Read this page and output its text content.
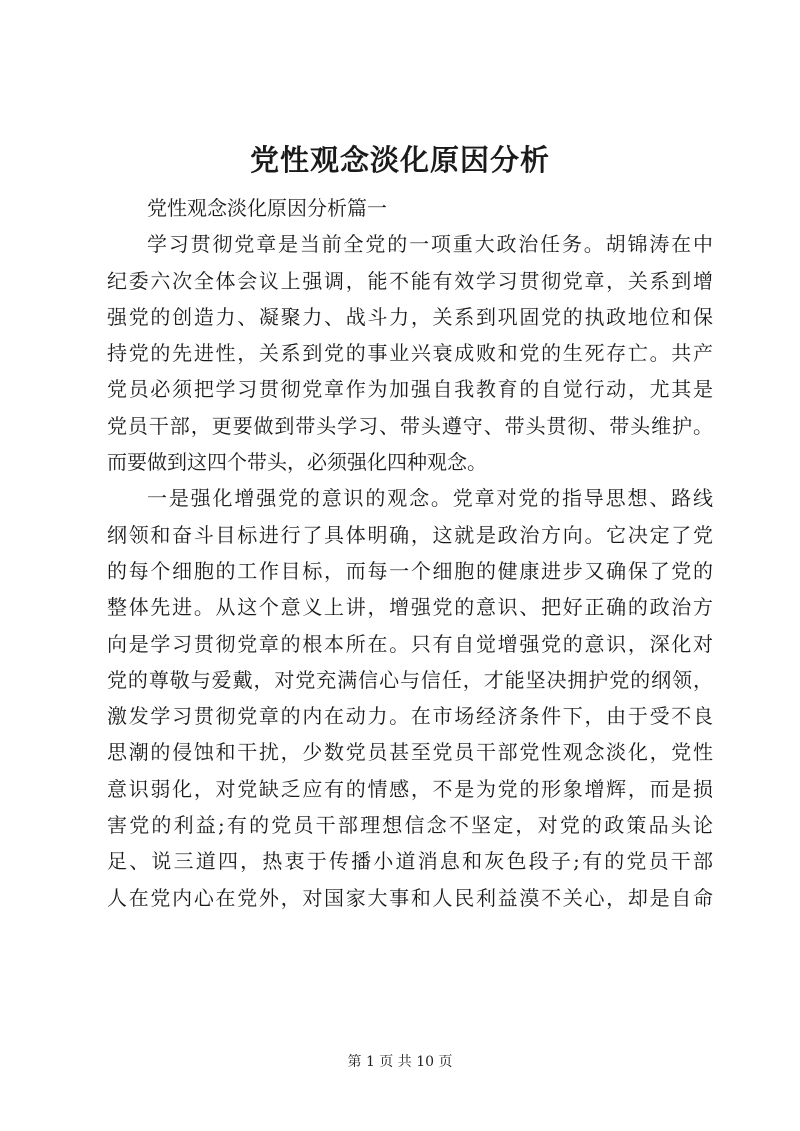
党性观念淡化原因分析
党性观念淡化原因分析篇一
学习贯彻党章是当前全党的一项重大政治任务。胡锦涛在中
纪委六次全体会议上强调，能不能有效学习贯彻党章，关系到增
强党的创造力、凝聚力、战斗力，关系到巩固党的执政地位和保
持党的先进性，关系到党的事业兴衰成败和党的生死存亡。共产
党员必须把学习贯彻党章作为加强自我教育的自觉行动，尤其是
党员干部，更要做到带头学习、带头遵守、带头贯彻、带头维护。
而要做到这四个带头，必须强化四种观念。
一是强化增强党的意识的观念。党章对党的指导思想、路线
纲领和奋斗目标进行了具体明确，这就是政治方向。它决定了党
的每个细胞的工作目标，而每一个细胞的健康进步又确保了党的
整体先进。从这个意义上讲，增强党的意识、把好正确的政治方
向是学习贯彻党章的根本所在。只有自觉增强党的意识，深化对
党的尊敬与爱戴，对党充满信心与信任，才能坚决拥护党的纲领，
激发学习贯彻党章的内在动力。在市场经济条件下，由于受不良
思潮的侵蚀和干扰，少数党员甚至党员干部党性观念淡化，党性
意识弱化，对党缺乏应有的情感，不是为党的形象增辉，而是损
害党的利益;有的党员干部理想信念不坚定，对党的政策品头论
足、说三道四，热衷于传播小道消息和灰色段子;有的党员干部
人在党内心在党外，对国家大事和人民利益漠不关心，却是自命
第 1 页 共 10 页
